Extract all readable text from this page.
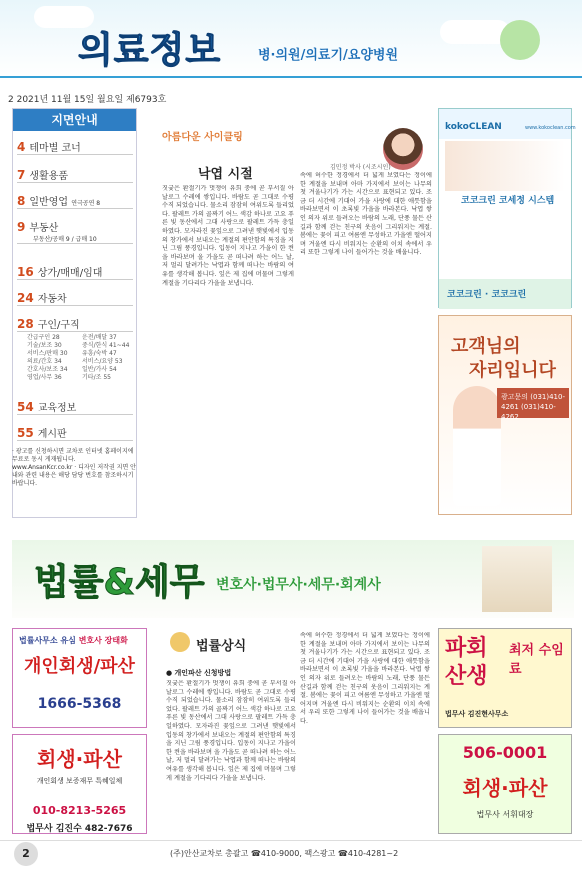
의료정보	병·의원/의료기/요양병원
2 2021년 11월 15일 월요일 제6793호
지면안내
4 테마별 코너
7 생활용품
8 일반영업 연극공연 8
9 부동산
부동산/공매 9 / 급매 10
16 상가/매매/임대
24 자동차
28 구인/구직
간급구인 28	운전/배달 37
기술/보조 30	중식/한식 41~44
서비스/판매 30	유흥/숙박 47
의료/간호 34	서비스/요양 53
간호사/보조 34	일반/가사 54
영업/사무 36	기타/조 55
54 교육정보
55 게시판
· 광고를 신청하시면 교차로 인터넷 홈페이지에 무료로 동시 게재됩니다. www.AnsanKcr.co.kr · 디자인 저작권 지면 안내와 관련 내용은 해당 담당 번호를 참조하시기 바랍니다.
아름다운 사이클링
김민정 박사 (시조시인)
낙엽 시절
짓궂은 환절기가 멋쟁이 유희 중에 곧 부서질 아날로그 수레에 쌓입니다. 바람도 곧 그대로 수평수직 되었습니다. 물소리 잠잠히 여위도록 들리었다. 팔레트 가의 골짜기 어느 색감 하나로 고요 푸른 빛 동산에서 그대 사랑으로 팔레트 가득 충일하였다. 모자라진 꽃잎으로 그려낸 햇빛에서 입동의 창가에서 보내오는 계절의 편안함의 특징을 지닌 그림 풍경입니다. 입동이 지나고 가을이 한 켠을 바라보며 올 가을도 곧 떠나려 하는 어느 날, 저 멀리 달려가는 낙엽과 함께 떠나는 바람의 여유를 생각해 봅니다. 잎은 제 집에 머물며 그렇게 계절을 기다리다 가을을 보냅니다.
속에 허수한 정경에서 더 넓게 보였다는 정이에 한 계절을 보내며 아마 가지에서 보이는 나무의 첫 겨울나기가 가는 시간으로 표현되고 있다. 조금 더 시간에 기대어 가을 사랑에 대한 애틋함을 바라보면서 이 초록빛 가을을 바라본다. 낙엽 쌓인 의자 위로 들려오는 바람의 노래, 단풍 물든 산길과 함께 걷는 친구의 웃음이 그리워지는 계절. 봄에는 꽃이 피고 여름엔 무성하고 가을엔 떨어지며 겨울엔 다시 비워지는 순환의 이치 속에서 우리 또한 그렇게 나이 들어가는 것을 배웁니다.
kokoCLEAN	www.kokoclean.com
코코크린 코세정 시스템
코코크린 · 코코크린
고객님의
자리입니다
광고문의 (031)410-4261 (031)410-4262
법률&세무 변호사·법무사·세무·회계사
법률사무소 유심 변호사 장태화
개인회생/파산
1666-5368
회생·파산
개인회생 보증재무 특혜일체
010-8213-5265
법무사 김진수 482-7676
법률상식
● 개인파산 신청방법
짓궂은 환절기가 멋쟁이 유희 중에 곧 부서질 아날로그 수레에 쌓입니다. 바람도 곧 그대로 수평수직 되었습니다. 물소리 잠잠히 여위도록 들리었다. 팔레트 가의 골짜기 어느 색감 하나로 고요 푸른 빛 동산에서 그대 사랑으로 팔레트 가득 충일하였다. 모자라진 꽃잎으로 그려낸 햇빛에서 입동의 창가에서 보내오는 계절의 편안함의 특징을 지닌 그림 풍경입니다. 입동이 지나고 가을이 한 켠을 바라보며 올 가을도 곧 떠나려 하는 어느 날, 저 멀리 달려가는 낙엽과 함께 떠나는 바람의 여유를 생각해 봅니다. 잎은 제 집에 머물며 그렇게 계절을 기다리다 가을을 보냅니다.
속에 허수한 정경에서 더 넓게 보였다는 정이에 한 계절을 보내며 아마 가지에서 보이는 나무의 첫 겨울나기가 가는 시간으로 표현되고 있다. 조금 더 시간에 기대어 가을 사랑에 대한 애틋함을 바라보면서 이 초록빛 가을을 바라본다. 낙엽 쌓인 의자 위로 들려오는 바람의 노래, 단풍 물든 산길과 함께 걷는 친구의 웃음이 그리워지는 계절. 봄에는 꽃이 피고 여름엔 무성하고 가을엔 떨어지며 겨울엔 다시 비워지는 순환의 이치 속에서 우리 또한 그렇게 나이 들어가는 것을 배웁니다.
파회
산생
최저 수임료
법무사 김진현사무소
506-0001
회생·파산
법무사 서휘대장
2	(주)안산교차로 총괄고 ☎410-9000, 팩스광고 ☎410-4281~2
